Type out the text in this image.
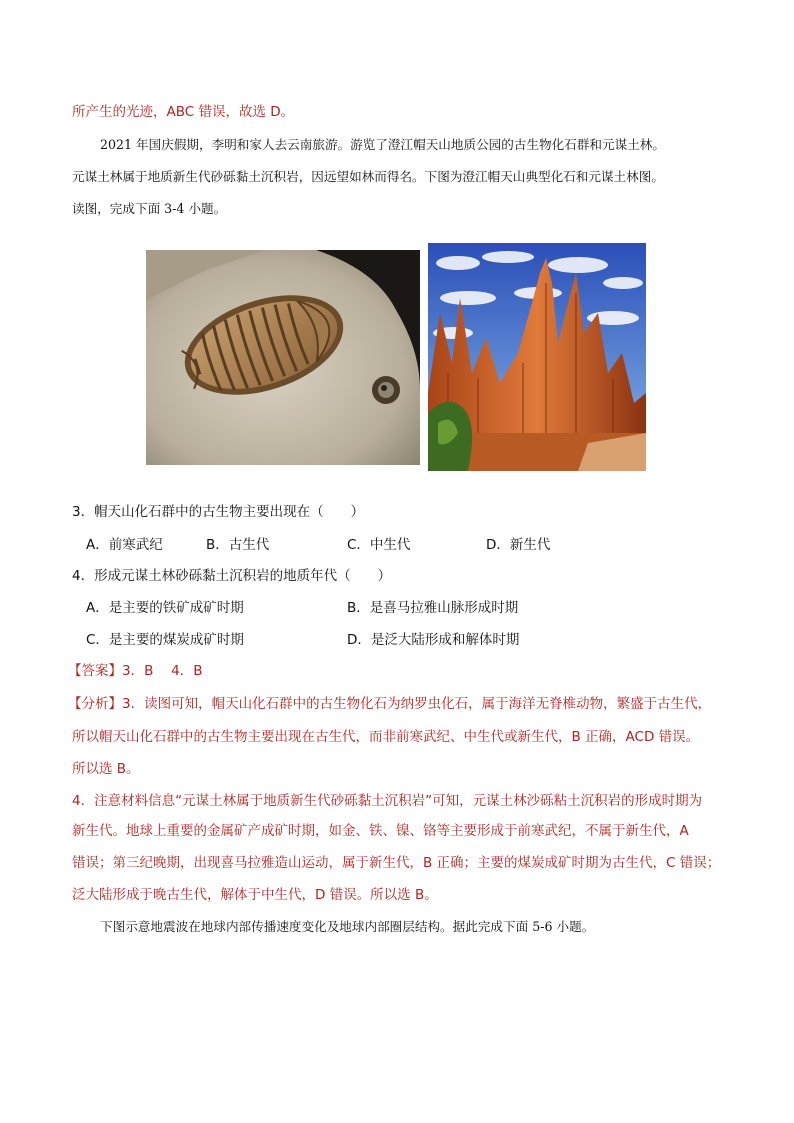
所产生的光迹，ABC 错误，故选 D。
2021 年国庆假期，李明和家人去云南旅游。游览了澄江帽天山地质公园的古生物化石群和元谋土林。
元谋土林属于地质新生代砂砾黏土沉积岩，因远望如林而得名。下图为澄江帽天山典型化石和元谋土林图。
读图，完成下面 3-4 小题。
3．帽天山化石群中的古生物主要出现在（　　）
A．前寒武纪	B．古生代	C．中生代	D．新生代
4．形成元谋土林砂砾黏土沉积岩的地质年代（　　）
A．是主要的铁矿成矿时期	B．是喜马拉雅山脉形成时期
C．是主要的煤炭成矿时期	D．是泛大陆形成和解体时期
【答案】3．B　 4．B
【分析】3．读图可知，帽天山化石群中的古生物化石为纳罗虫化石，属于海洋无脊椎动物，繁盛于古生代，
所以帽天山化石群中的古生物主要出现在古生代，而非前寒武纪、中生代或新生代，B 正确，ACD 错误。
所以选 B。
4．注意材料信息“元谋土林属于地质新生代砂砾黏土沉积岩”可知，元谋土林沙砾粘土沉积岩的形成时期为
新生代。地球上重要的金属矿产成矿时期，如金、铁、镍、铬等主要形成于前寒武纪，不属于新生代，A
错误；第三纪晚期，出现喜马拉雅造山运动，属于新生代，B 正确；主要的煤炭成矿时期为古生代，C 错误；
泛大陆形成于晚古生代，解体于中生代，D 错误。所以选 B。
下图示意地震波在地球内部传播速度变化及地球内部圈层结构。据此完成下面 5-6 小题。
